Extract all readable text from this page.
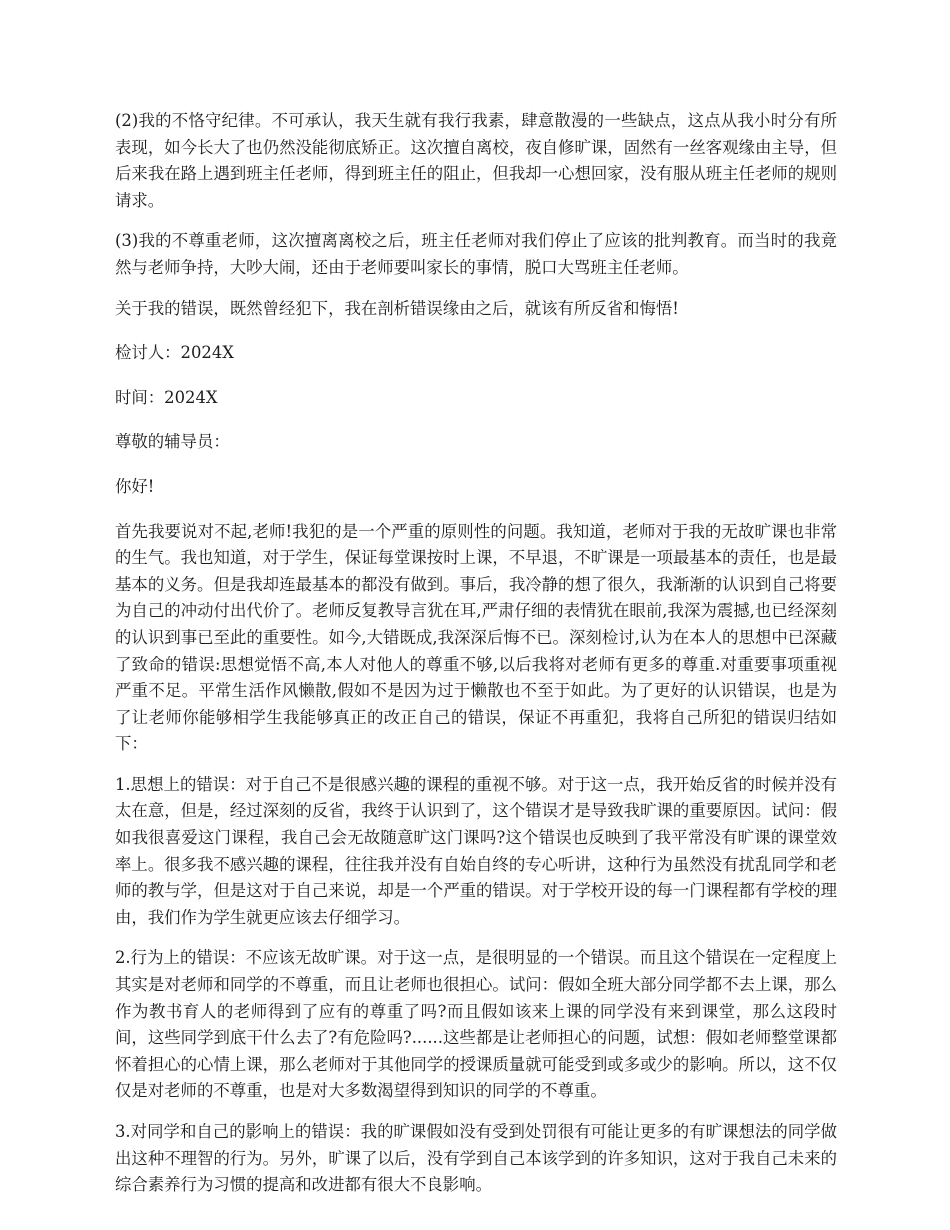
(2)我的不恪守纪律。不可承认，我天生就有我行我素，肆意散漫的一些缺点，这点从我小时分有所表现，如今长大了也仍然没能彻底矫正。这次擅自离校，夜自修旷课，固然有一丝客观缘由主导，但后来我在路上遇到班主任老师，得到班主任的阻止，但我却一心想回家，没有服从班主任老师的规则请求。

(3)我的不尊重老师，这次擅离离校之后，班主任老师对我们停止了应该的批判教育。而当时的我竟然与老师争持，大吵大闹，还由于老师要叫家长的事情，脱口大骂班主任老师。

关于我的错误，既然曾经犯下，我在剖析错误缘由之后，就该有所反省和悔悟!

检讨人：2024X

时间：2024X

尊敬的辅导员：

你好!

首先我要说对不起,老师!我犯的是一个严重的原则性的问题。我知道，老师对于我的无故旷课也非常的生气。我也知道，对于学生，保证每堂课按时上课，不早退，不旷课是一项最基本的责任，也是最基本的义务。但是我却连最基本的都没有做到。事后，我冷静的想了很久，我渐渐的认识到自己将要为自己的冲动付出代价了。老师反复教导言犹在耳,严肃仔细的表情犹在眼前,我深为震撼,也已经深刻的认识到事已至此的重要性。如今,大错既成,我深深后悔不已。深刻检讨,认为在本人的思想中已深藏了致命的错误:思想觉悟不高,本人对他人的尊重不够,以后我将对老师有更多的尊重.对重要事项重视严重不足。平常生活作风懒散,假如不是因为过于懒散也不至于如此。为了更好的认识错误，也是为了让老师你能够相学生我能够真正的改正自己的错误，保证不再重犯，我将自己所犯的错误归结如下：

1.思想上的错误：对于自己不是很感兴趣的课程的重视不够。对于这一点，我开始反省的时候并没有太在意，但是，经过深刻的反省，我终于认识到了，这个错误才是导致我旷课的重要原因。试问：假如我很喜爱这门课程，我自己会无故随意旷这门课吗?这个错误也反映到了我平常没有旷课的课堂效率上。很多我不感兴趣的课程，往往我并没有自始自终的专心听讲，这种行为虽然没有扰乱同学和老师的教与学，但是这对于自己来说，却是一个严重的错误。对于学校开设的每一门课程都有学校的理由，我们作为学生就更应该去仔细学习。

2.行为上的错误：不应该无故旷课。对于这一点，是很明显的一个错误。而且这个错误在一定程度上其实是对老师和同学的不尊重，而且让老师也很担心。试问：假如全班大部分同学都不去上课，那么作为教书育人的老师得到了应有的尊重了吗?而且假如该来上课的同学没有来到课堂，那么这段时间，这些同学到底干什么去了?有危险吗?......这些都是让老师担心的问题，试想：假如老师整堂课都怀着担心的心情上课，那么老师对于其他同学的授课质量就可能受到或多或少的影响。所以，这不仅仅是对老师的不尊重，也是对大多数渴望得到知识的同学的不尊重。

3.对同学和自己的影响上的错误：我的旷课假如没有受到处罚很有可能让更多的有旷课想法的同学做出这种不理智的行为。另外，旷课了以后，没有学到自己本该学到的许多知识，这对于我自己未来的综合素养行为习惯的提高和改进都有很大不良影响。
